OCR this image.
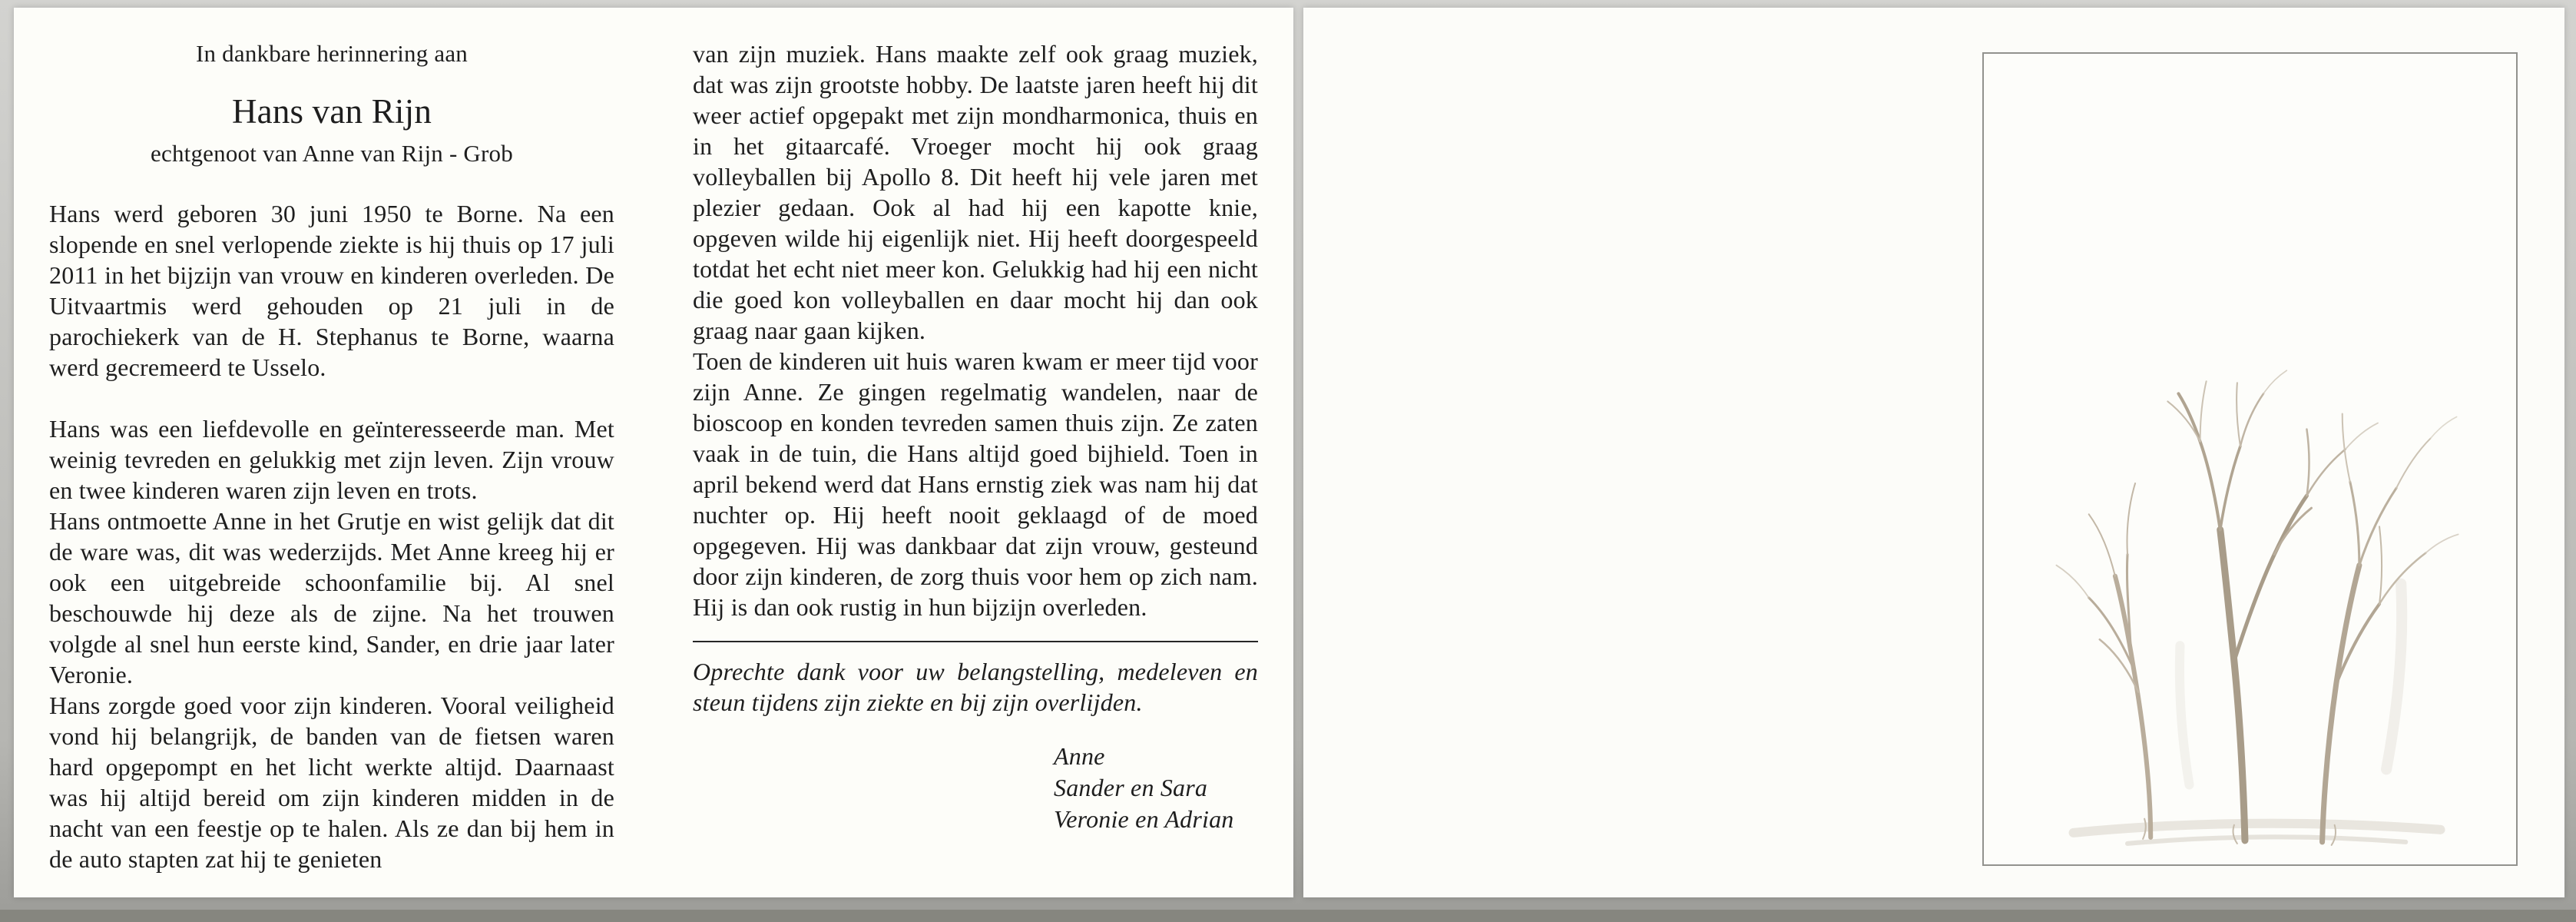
In dankbare herinnering aan

Hans van Rijn

echtgenoot van Anne van Rijn - Grob

Hans werd geboren 30 juni 1950 te Borne. Na een slopende en snel verlopende ziekte is hij thuis op 17 juli 2011 in het bijzijn van vrouw en kinderen overleden. De Uitvaartmis werd gehouden op 21 juli in de parochiekerk van de H. Stephanus te Borne, waarna werd gecremeerd te Usselo.

Hans was een liefdevolle en geïnteresseerde man. Met weinig tevreden en gelukkig met zijn leven. Zijn vrouw en twee kinderen waren zijn leven en trots.

Hans ontmoette Anne in het Grutje en wist gelijk dat dit de ware was, dit was wederzijds. Met Anne kreeg hij er ook een uitgebreide schoonfamilie bij. Al snel beschouwde hij deze als de zijne. Na het trouwen volgde al snel hun eerste kind, Sander, en drie jaar later Veronie.

Hans zorgde goed voor zijn kinderen. Vooral veiligheid vond hij belangrijk, de banden van de fietsen waren hard opgepompt en het licht werkte altijd. Daarnaast was hij altijd bereid om zijn kinderen midden in de nacht van een feestje op te halen. Als ze dan bij hem in de auto stapten zat hij te genieten

van zijn muziek. Hans maakte zelf ook graag muziek, dat was zijn grootste hobby. De laatste jaren heeft hij dit weer actief opgepakt met zijn mondharmonica, thuis en in het gitaarcafé. Vroeger mocht hij ook graag volleyballen bij Apollo 8. Dit heeft hij vele jaren met plezier gedaan. Ook al had hij een kapotte knie, opgeven wilde hij eigenlijk niet. Hij heeft doorgespeeld totdat het echt niet meer kon. Gelukkig had hij een nicht die goed kon volleyballen en daar mocht hij dan ook graag naar gaan kijken.

Toen de kinderen uit huis waren kwam er meer tijd voor zijn Anne. Ze gingen regelmatig wandelen, naar de bioscoop en konden tevreden samen thuis zijn. Ze zaten vaak in de tuin, die Hans altijd goed bijhield. Toen in april bekend werd dat Hans ernstig ziek was nam hij dat nuchter op. Hij heeft nooit geklaagd of de moed opgegeven. Hij was dankbaar dat zijn vrouw, gesteund door zijn kinderen, de zorg thuis voor hem op zich nam. Hij is dan ook rustig in hun bijzijn overleden.

Oprechte dank voor uw belangstelling, medeleven en steun tijdens zijn ziekte en bij zijn overlijden.

Anne

Sander en Sara

Veronie en Adrian
